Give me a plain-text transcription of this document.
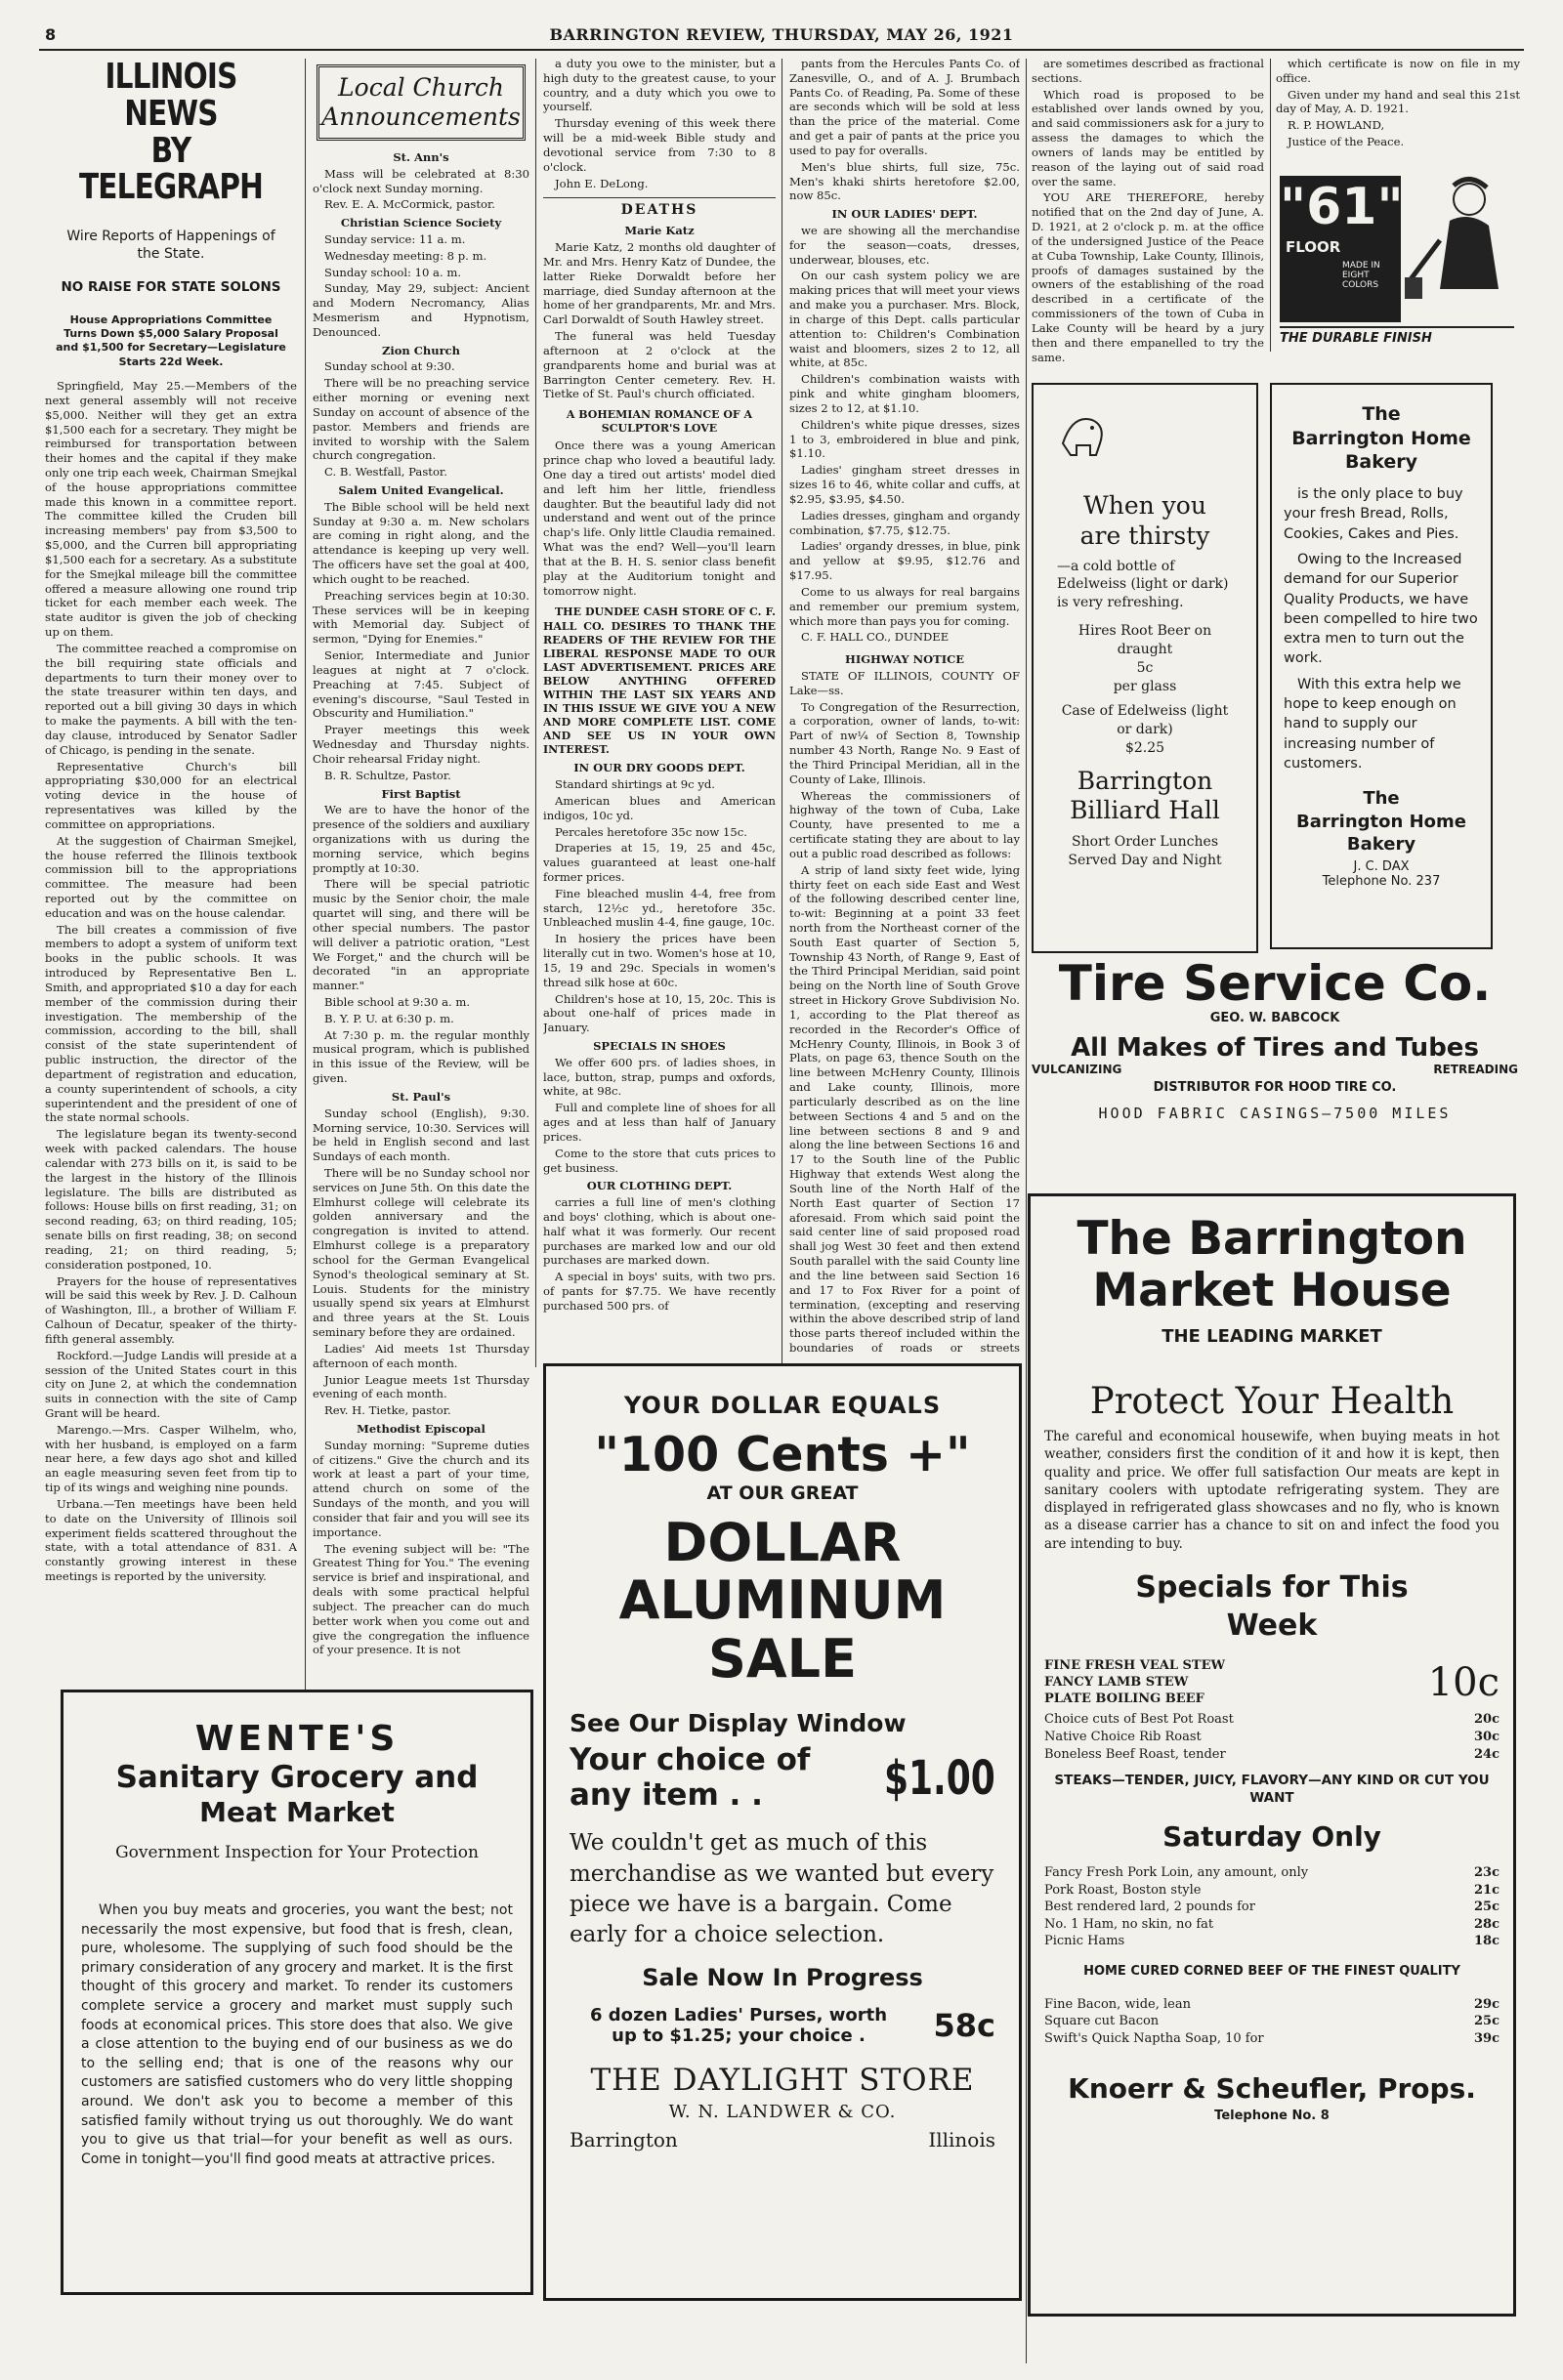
8	BARRINGTON REVIEW, THURSDAY, MAY 26, 1921
ILLINOIS NEWS
BY TELEGRAPH
Wire Reports of Happenings of the State.
NO RAISE FOR STATE SOLONS
House Appropriations Committee Turns Down $5,000 Salary Proposal and $1,500 for Secretary—Legislature Starts 22d Week.

Springfield, May 25.—Members of the next general assembly will not receive $5,000. Neither will they get an extra $1,500 each for a secretary. They might be reimbursed for transportation between their homes and the capital if they make only one trip each week, Chairman Smejkal of the house appropriations committee made this known in a committee report. The committee killed the Cruden bill increasing members' pay from $3,500 to $5,000, and the Curren bill appropriating $1,500 each for a secretary. As a substitute for the Smejkal mileage bill the committee offered a measure allowing one round trip ticket for each member each week. The state auditor is given the job of checking up on them.

The committee reached a compromise on the bill requiring state officials and departments to turn their money over to the state treasurer within ten days, and reported out a bill giving 30 days in which to make the payments. A bill with the ten-day clause, introduced by Senator Sadler of Chicago, is pending in the senate.

Representative Church's bill appropriating $30,000 for an electrical voting device in the house of representatives was killed by the committee on appropriations.

At the suggestion of Chairman Smejkel, the house referred the Illinois textbook commission bill to the appropriations committee. The measure had been reported out by the committee on education and was on the house calendar.

The bill creates a commission of five members to adopt a system of uniform text books in the public schools. It was introduced by Representative Ben L. Smith, and appropriated $10 a day for each member of the commission during their investigation. The membership of the commission, according to the bill, shall consist of the state superintendent of public instruction, the director of the department of registration and education, a county superintendent of schools, a city superintendent and the president of one of the state normal schools.

The legislature began its twenty-second week with packed calendars. The house calendar with 273 bills on it, is said to be the largest in the history of the Illinois legislature. The bills are distributed as follows: House bills on first reading, 31; on second reading, 63; on third reading, 105; senate bills on first reading, 38; on second reading, 21; on third reading, 5; consideration postponed, 10.

Prayers for the house of representatives will be said this week by Rev. J. D. Calhoun of Washington, Ill., a brother of William F. Calhoun of Decatur, speaker of the thirty-fifth general assembly.

Rockford.—Judge Landis will preside at a session of the United States court in this city on June 2, at which the condemnation suits in connection with the site of Camp Grant will be heard.

Marengo.—Mrs. Casper Wilhelm, who, with her husband, is employed on a farm near here, a few days ago shot and killed an eagle measuring seven feet from tip to tip of its wings and weighing nine pounds.

Urbana.—Ten meetings have been held to date on the University of Illinois soil experiment fields scattered throughout the state, with a total attendance of 831. A constantly growing interest in these meetings is reported by the university.

Local Church
Announcements
St. Ann's

Mass will be celebrated at 8:30 o'clock next Sunday morning.

Rev. E. A. McCormick, pastor.

Christian Science Society

Sunday service: 11 a. m.

Wednesday meeting: 8 p. m.

Sunday school: 10 a. m.

Sunday, May 29, subject: Ancient and Modern Necromancy, Alias Mesmerism and Hypnotism, Denounced.

Zion Church

Sunday school at 9:30.

There will be no preaching service either morning or evening next Sunday on account of absence of the pastor. Members and friends are invited to worship with the Salem church congregation.

C. B. Westfall, Pastor.

Salem United Evangelical.

The Bible school will be held next Sunday at 9:30 a. m. New scholars are coming in right along, and the attendance is keeping up very well. The officers have set the goal at 400, which ought to be reached.

Preaching services begin at 10:30. These services will be in keeping with Memorial day. Subject of sermon, "Dying for Enemies."

Senior, Intermediate and Junior leagues at night at 7 o'clock. Preaching at 7:45. Subject of evening's discourse, "Saul Tested in Obscurity and Humiliation."

Prayer meetings this week Wednesday and Thursday nights. Choir rehearsal Friday night.

B. R. Schultze, Pastor.

First Baptist

We are to have the honor of the presence of the soldiers and auxiliary organizations with us during the morning service, which begins promptly at 10:30.

There will be special patriotic music by the Senior choir, the male quartet will sing, and there will be other special numbers. The pastor will deliver a patriotic oration, "Lest We Forget," and the church will be decorated "in an appropriate manner."

Bible school at 9:30 a. m.

B. Y. P. U. at 6:30 p. m.

At 7:30 p. m. the regular monthly musical program, which is published in this issue of the Review, will be given.

St. Paul's

Sunday school (English), 9:30. Morning service, 10:30. Services will be held in English second and last Sundays of each month.

There will be no Sunday school nor services on June 5th. On this date the Elmhurst college will celebrate its golden anniversary and the congregation is invited to attend. Elmhurst college is a preparatory school for the German Evangelical Synod's theological seminary at St. Louis. Students for the ministry usually spend six years at Elmhurst and three years at the St. Louis seminary before they are ordained.

Ladies' Aid meets 1st Thursday afternoon of each month.

Junior League meets 1st Thursday evening of each month.

Rev. H. Tietke, pastor.

Methodist Episcopal

Sunday morning: "Supreme duties of citizens." Give the church and its work at least a part of your time, attend church on some of the Sundays of the month, and you will consider that fair and you will see its importance.

The evening subject will be: "The Greatest Thing for You." The evening service is brief and inspirational, and deals with some practical helpful subject. The preacher can do much better work when you come out and give the congregation the influence of your presence. It is not

a duty you owe to the minister, but a high duty to the greatest cause, to your country, and a duty which you owe to yourself.

Thursday evening of this week there will be a mid-week Bible study and devotional service from 7:30 to 8 o'clock.

John E. DeLong.

DEATHS
Marie Katz

Marie Katz, 2 months old daughter of Mr. and Mrs. Henry Katz of Dundee, the latter Rieke Dorwaldt before her marriage, died Sunday afternoon at the home of her grandparents, Mr. and Mrs. Carl Dorwaldt of South Hawley street.

The funeral was held Tuesday afternoon at 2 o'clock at the grandparents home and burial was at Barrington Center cemetery. Rev. H. Tietke of St. Paul's church officiated.

A BOHEMIAN ROMANCE OF A SCULPTOR'S LOVE

Once there was a young American prince chap who loved a beautiful lady. One day a tired out artists' model died and left him her little, friendless daughter. But the beautiful lady did not understand and went out of the prince chap's life. Only little Claudia remained. What was the end? Well—you'll learn that at the B. H. S. senior class benefit play at the Auditorium tonight and tomorrow night.

THE DUNDEE CASH STORE OF C. F. HALL CO. DESIRES TO THANK THE READERS OF THE REVIEW FOR THE LIBERAL RESPONSE MADE TO OUR LAST ADVERTISEMENT. PRICES ARE BELOW ANYTHING OFFERED WITHIN THE LAST SIX YEARS AND IN THIS ISSUE WE GIVE YOU A NEW AND MORE COMPLETE LIST. COME AND SEE US IN YOUR OWN INTEREST.

IN OUR DRY GOODS DEPT.

Standard shirtings at 9c yd.

American blues and American indigos, 10c yd.

Percales heretofore 35c now 15c.

Draperies at 15, 19, 25 and 45c, values guaranteed at least one-half former prices.

Fine bleached muslin 4-4, free from starch, 12½c yd., heretofore 35c. Unbleached muslin 4-4, fine gauge, 10c.

In hosiery the prices have been literally cut in two. Women's hose at 10, 15, 19 and 29c. Specials in women's thread silk hose at 60c.

Children's hose at 10, 15, 20c. This is about one-half of prices made in January.

SPECIALS IN SHOES

We offer 600 prs. of ladies shoes, in lace, button, strap, pumps and oxfords, white, at 98c.

Full and complete line of shoes for all ages and at less than half of January prices.

Come to the store that cuts prices to get business.

OUR CLOTHING DEPT.

carries a full line of men's clothing and boys' clothing, which is about one-half what it was formerly. Our recent purchases are marked low and our old purchases are marked down.

A special in boys' suits, with two prs. of pants for $7.75. We have recently purchased 500 prs. of

pants from the Hercules Pants Co. of Zanesville, O., and of A. J. Brumbach Pants Co. of Reading, Pa. Some of these are seconds which will be sold at less than the price of the material. Come and get a pair of pants at the price you used to pay for overalls.

Men's blue shirts, full size, 75c. Men's khaki shirts heretofore $2.00, now 85c.

IN OUR LADIES' DEPT.

we are showing all the merchandise for the season—coats, dresses, underwear, blouses, etc.

On our cash system policy we are making prices that will meet your views and make you a purchaser. Mrs. Block, in charge of this Dept. calls particular attention to: Children's Combination waist and bloomers, sizes 2 to 12, all white, at 85c.

Children's combination waists with pink and white gingham bloomers, sizes 2 to 12, at $1.10.

Children's white pique dresses, sizes 1 to 3, embroidered in blue and pink, $1.10.

Ladies' gingham street dresses in sizes 16 to 46, white collar and cuffs, at $2.95, $3.95, $4.50.

Ladies dresses, gingham and organdy combination, $7.75, $12.75.

Ladies' organdy dresses, in blue, pink and yellow at $9.95, $12.76 and $17.95.

Come to us always for real bargains and remember our premium system, which more than pays you for coming.

C. F. HALL CO., DUNDEE

HIGHWAY NOTICE

STATE OF ILLINOIS, COUNTY OF Lake—ss.

To Congregation of the Resurrection, a corporation, owner of lands, to-wit: Part of nw¼ of Section 8, Township number 43 North, Range No. 9 East of the Third Principal Meridian, all in the County of Lake, Illinois.

Whereas the commissioners of highway of the town of Cuba, Lake County, have presented to me a certificate stating they are about to lay out a public road described as follows:

A strip of land sixty feet wide, lying thirty feet on each side East and West of the following described center line, to-wit: Beginning at a point 33 feet north from the Northeast corner of the South East quarter of Section 5, Township 43 North, of Range 9, East of the Third Principal Meridian, said point being on the North line of South Grove street in Hickory Grove Subdivision No. 1, according to the Plat thereof as recorded in the Recorder's Office of McHenry County, Illinois, in Book 3 of Plats, on page 63, thence South on the line between McHenry County, Illinois and Lake county, Illinois, more particularly described as on the line between Sections 4 and 5 and on the line between sections 8 and 9 and along the line between Sections 16 and 17 to the South line of the Public Highway that extends West along the South line of the North Half of the North East quarter of Section 17 aforesaid. From which said point the said center line of said proposed road shall jog West 30 feet and then extend South parallel with the said County line and the line between said Section 16 and 17 to Fox River for a point of termination, (excepting and reserving within the above described strip of land those parts thereof included within the boundaries of roads or streets

are sometimes described as fractional sections.

Which road is proposed to be established over lands owned by you, and said commissioners ask for a jury to assess the damages to which the owners of lands may be entitled by reason of the laying out of said road over the same.

YOU ARE THEREFORE, hereby notified that on the 2nd day of June, A. D. 1921, at 2 o'clock p. m. at the office of the undersigned Justice of the Peace at Cuba Township, Lake County, Illinois, proofs of damages sustained by the owners of the establishing of the road described in a certificate of the commissioners of the town of Cuba in Lake County will be heard by a jury then and there empanelled to try the same.

which certificate is now on file in my office.

Given under my hand and seal this 21st day of May, A. D. 1921.

R. P. HOWLAND,

Justice of the Peace.

"61"
FLOOR
MADE IN EIGHT COLORS
THE DURABLE FINISH
When you
are thirsty
—a cold bottle of Edelweiss (light or dark) is very refreshing.
Hires Root Beer on draught
5c
per glass
Case of Edelweiss (light or dark)
$2.25
Barrington
Billiard Hall
Short Order Lunches
Served Day and Night
The
Barrington Home
Bakery
is the only place to buy your fresh Bread, Rolls, Cookies, Cakes and Pies.
Owing to the Increased demand for our Superior Quality Products, we have been compelled to hire two extra men to turn out the work.
With this extra help we hope to keep enough on hand to supply our increasing number of customers.
The
Barrington Home
Bakery
J. C. DAX
Telephone No. 237
Tire Service Co.
GEO. W. BABCOCK
All Makes of Tires and Tubes
VULCANIZING	RETREADING
DISTRIBUTOR FOR HOOD TIRE CO.
HOOD FABRIC CASINGS—7500 MILES
The Barrington
Market House
THE LEADING MARKET
Protect Your Health
The careful and economical housewife, when buying meats in hot weather, considers first the condition of it and how it is kept, then quality and price. We offer full satisfaction Our meats are kept in sanitary coolers with uptodate refrigerating system. They are displayed in refrigerated glass showcases and no fly, who is known as a disease carrier has a chance to sit on and infect the food you are intending to buy.
Specials for This
Week
FINE FRESH VEAL STEW
FANCY LAMB STEW
PLATE BOILING BEEF	10c
Choice cuts of Best Pot Roast	20c
Native Choice Rib Roast	30c
Boneless Beef Roast, tender	24c
STEAKS—TENDER, JUICY, FLAVORY—ANY KIND OR CUT YOU WANT
Saturday Only
Fancy Fresh Pork Loin, any amount, only	23c
Pork Roast, Boston style	21c
Best rendered lard, 2 pounds for	25c
No. 1 Ham, no skin, no fat	28c
Picnic Hams	18c
HOME CURED CORNED BEEF OF THE FINEST QUALITY
Fine Bacon, wide, lean	29c
Square cut Bacon	25c
Swift's Quick Naptha Soap, 10 for	39c
Knoerr & Scheufler, Props.
Telephone No. 8
WENTE'S
Sanitary Grocery and
Meat Market
Government Inspection for Your Protection
When you buy meats and groceries, you want the best; not necessarily the most expensive, but food that is fresh, clean, pure, wholesome. The supplying of such food should be the primary consideration of any grocery and market. It is the first thought of this grocery and market. To render its customers complete service a grocery and market must supply such foods at economical prices. This store does that also. We give a close attention to the buying end of our business as we do to the selling end; that is one of the reasons why our customers are satisfied customers who do very little shopping around. We don't ask you to become a member of this satisfied family without trying us out thoroughly. We do want you to give us that trial—for your benefit as well as ours. Come in tonight—you'll find good meats at attractive prices.
YOUR DOLLAR EQUALS
"100 Cents +"
AT OUR GREAT
DOLLAR
ALUMINUM
SALE
See Our Display Window
Your choice of
any item . .	$1.00
We couldn't get as much of this merchandise as we wanted but every piece we have is a bargain. Come early for a choice selection.
Sale Now In Progress
6 dozen Ladies' Purses, worth
up to $1.25; your choice .	58c
THE DAYLIGHT STORE
W. N. LANDWER & CO.
Barrington	Illinois
